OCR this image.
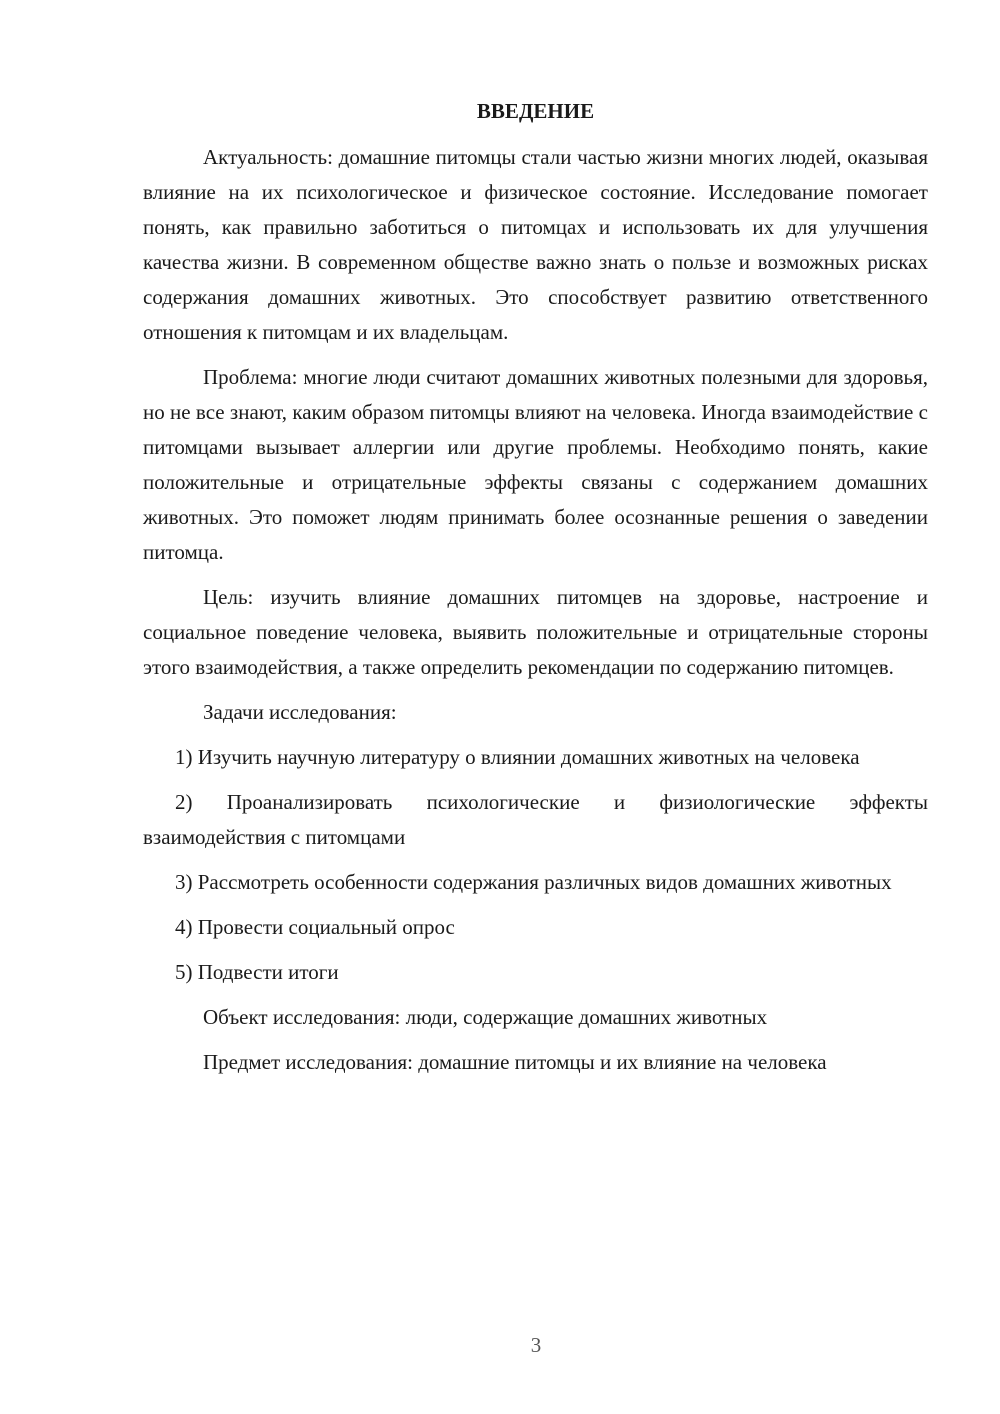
ВВЕДЕНИЕ

Актуальность: домашние питомцы стали частью жизни многих людей, оказывая влияние на их психологическое и физическое состояние. Исследование помогает понять, как правильно заботиться о питомцах и использовать их для улучшения качества жизни. В современном обществе важно знать о пользе и возможных рисках содержания домашних животных. Это способствует развитию ответственного отношения к питомцам и их владельцам.

Проблема: многие люди считают домашних животных полезными для здоровья, но не все знают, каким образом питомцы влияют на человека. Иногда взаимодействие с питомцами вызывает аллергии или другие проблемы. Необходимо понять, какие положительные и отрицательные эффекты связаны с содержанием домашних животных. Это поможет людям принимать более осознанные решения о заведении питомца.

Цель: изучить влияние домашних питомцев на здоровье, настроение и социальное поведение человека, выявить положительные и отрицательные стороны этого взаимодействия, а также определить рекомендации по содержанию питомцев.

Задачи исследования:

1) Изучить научную литературу о влиянии домашних животных на человека

2) Проанализировать психологические и физиологические эффекты взаимодействия с питомцами

3) Рассмотреть особенности содержания различных видов домашних животных

4) Провести социальный опрос

5) Подвести итоги

Объект исследования: люди, содержащие домашних животных

Предмет исследования: домашние питомцы и их влияние на человека

3
